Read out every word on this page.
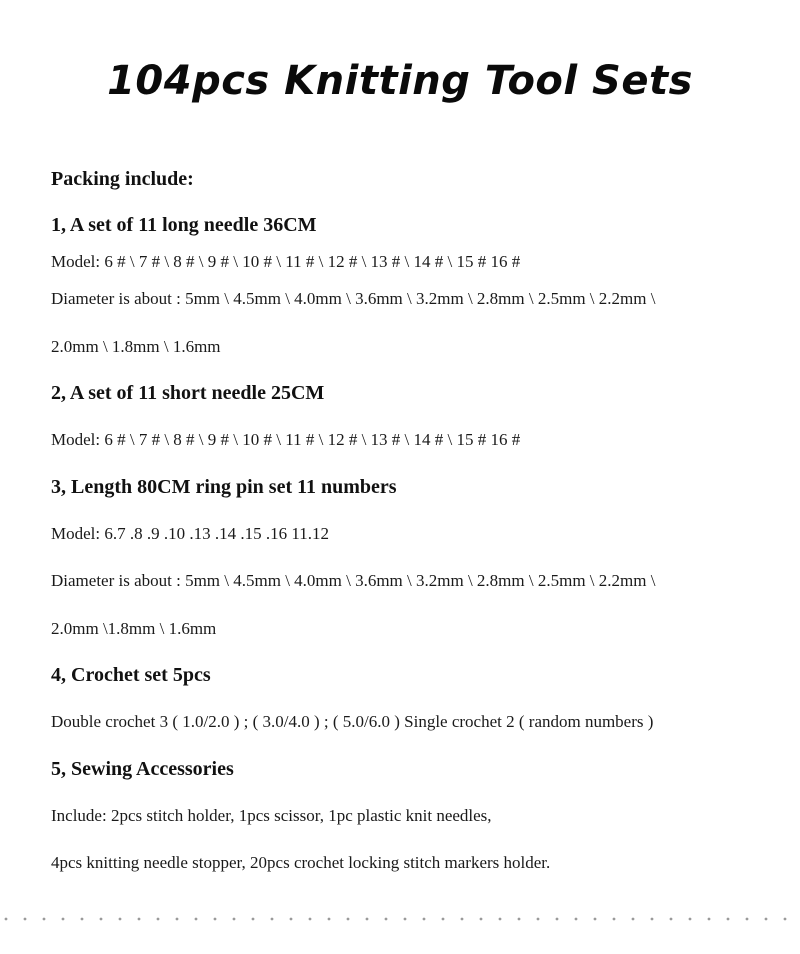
104pcs Knitting Tool Sets
Packing include:
1, A set of 11 long needle 36CM
Model: 6 # \ 7 # \ 8 # \ 9 # \ 10 # \ 11 # \ 12 # \ 13 # \ 14 # \ 15 # 16 #
Diameter is about : 5mm \ 4.5mm \ 4.0mm \ 3.6mm \ 3.2mm \ 2.8mm \ 2.5mm \ 2.2mm \
2.0mm \ 1.8mm \ 1.6mm
2, A set of 11 short needle 25CM
Model: 6 # \ 7 # \ 8 # \ 9 # \ 10 # \ 11 # \ 12 # \ 13 # \ 14 # \ 15 # 16 #
3, Length 80CM ring pin set 11 numbers
Model: 6.7 .8 .9 .10 .13 .14 .15 .16 11.12
Diameter is about : 5mm \ 4.5mm \ 4.0mm \ 3.6mm \ 3.2mm \ 2.8mm \ 2.5mm \ 2.2mm \
2.0mm \1.8mm \ 1.6mm
4, Crochet set 5pcs
Double crochet 3 ( 1.0/2.0 ) ; ( 3.0/4.0 ) ; ( 5.0/6.0 ) Single crochet 2 ( random numbers )
5, Sewing Accessories
Include: 2pcs stitch holder, 1pcs scissor, 1pc plastic knit needles,
4pcs knitting needle stopper, 20pcs crochet locking stitch markers holder.
